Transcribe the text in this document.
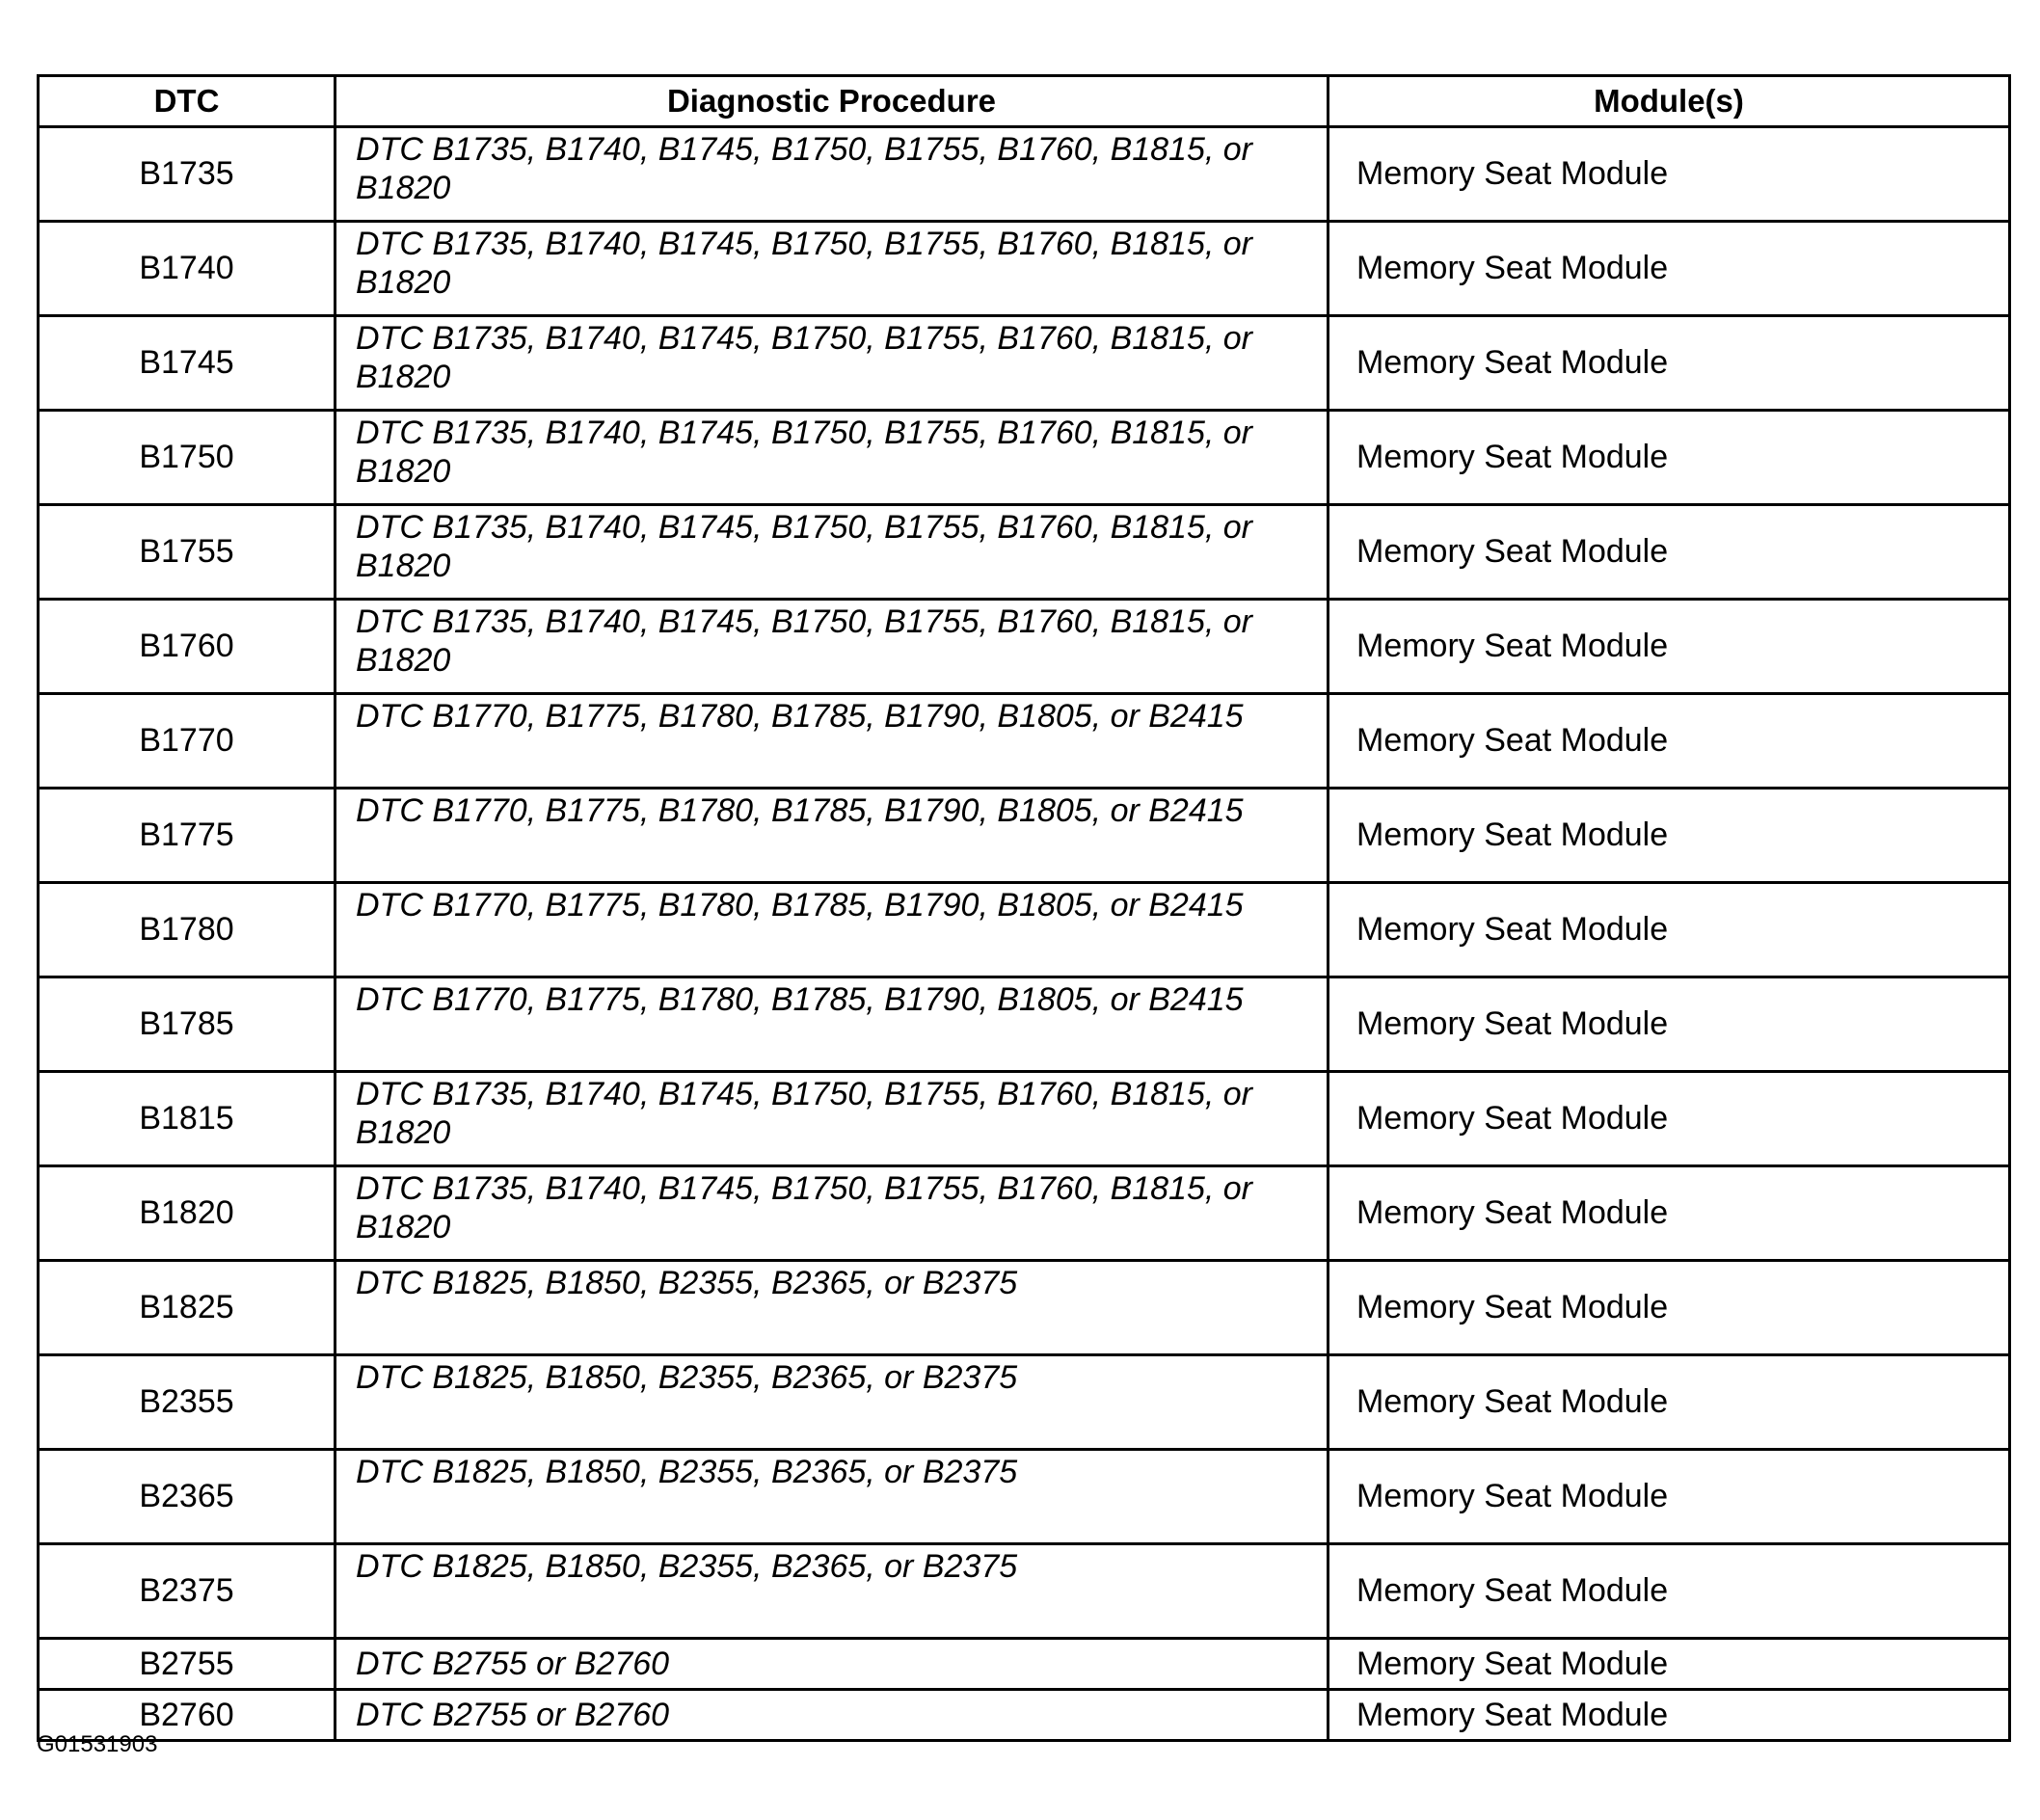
DTC	Diagnostic Procedure	Module(s)
B1735	DTC B1735, B1740, B1745, B1750, B1755, B1760, B1815, or B1820	Memory Seat Module
B1740	DTC B1735, B1740, B1745, B1750, B1755, B1760, B1815, or B1820	Memory Seat Module
B1745	DTC B1735, B1740, B1745, B1750, B1755, B1760, B1815, or B1820	Memory Seat Module
B1750	DTC B1735, B1740, B1745, B1750, B1755, B1760, B1815, or B1820	Memory Seat Module
B1755	DTC B1735, B1740, B1745, B1750, B1755, B1760, B1815, or B1820	Memory Seat Module
B1760	DTC B1735, B1740, B1745, B1750, B1755, B1760, B1815, or B1820	Memory Seat Module
B1770	DTC B1770, B1775, B1780, B1785, B1790, B1805, or B2415	Memory Seat Module
B1775	DTC B1770, B1775, B1780, B1785, B1790, B1805, or B2415	Memory Seat Module
B1780	DTC B1770, B1775, B1780, B1785, B1790, B1805, or B2415	Memory Seat Module
B1785	DTC B1770, B1775, B1780, B1785, B1790, B1805, or B2415	Memory Seat Module
B1815	DTC B1735, B1740, B1745, B1750, B1755, B1760, B1815, or B1820	Memory Seat Module
B1820	DTC B1735, B1740, B1745, B1750, B1755, B1760, B1815, or B1820	Memory Seat Module
B1825	DTC B1825, B1850, B2355, B2365, or B2375	Memory Seat Module
B2355	DTC B1825, B1850, B2355, B2365, or B2375	Memory Seat Module
B2365	DTC B1825, B1850, B2355, B2365, or B2375	Memory Seat Module
B2375	DTC B1825, B1850, B2355, B2365, or B2375	Memory Seat Module
B2755	DTC B2755 or B2760	Memory Seat Module
B2760	DTC B2755 or B2760	Memory Seat Module
G01531903
